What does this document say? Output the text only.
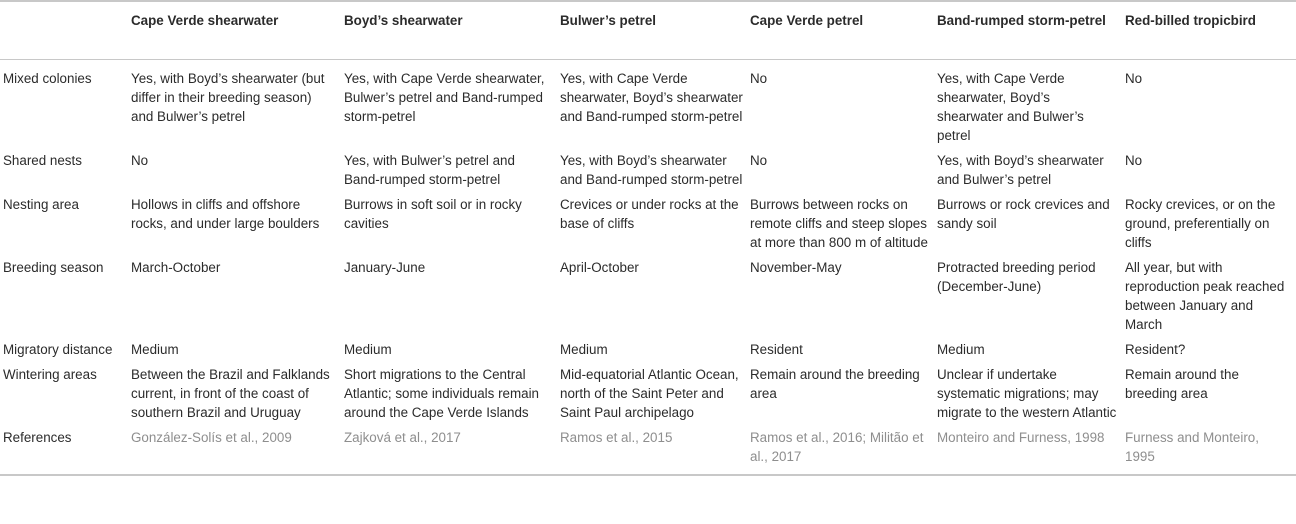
	Cape Verde shearwater	Boyd’s shearwater	Bulwer’s petrel	Cape Verde petrel	Band-rumped storm-petrel	Red-billed tropicbird
Mixed colonies	Yes, with Boyd’s shearwater (but differ in their breeding season) and Bulwer’s petrel	Yes, with Cape Verde shearwater, Bulwer’s petrel and Band-rumped storm-petrel	Yes, with Cape Verde shearwater, Boyd’s shearwater and Band-rumped storm-petrel	No	Yes, with Cape Verde shearwater, Boyd’s shearwater and Bulwer’s petrel	No
Shared nests	No	Yes, with Bulwer’s petrel and Band-rumped storm-petrel	Yes, with Boyd’s shearwater and Band-rumped storm-petrel	No	Yes, with Boyd’s shearwater and Bulwer’s petrel	No
Nesting area	Hollows in cliffs and offshore rocks, and under large boulders	Burrows in soft soil or in rocky cavities	Crevices or under rocks at the base of cliffs	Burrows between rocks on remote cliffs and steep slopes at more than 800 m of altitude	Burrows or rock crevices and sandy soil	Rocky crevices, or on the ground, preferentially on cliffs
Breeding season	March-October	January-June	April-October	November-May	Protracted breeding period (December-June)	All year, but with reproduction peak reached between January and March
Migratory distance	Medium	Medium	Medium	Resident	Medium	Resident?
Wintering areas	Between the Brazil and Falklands current, in front of the coast of southern Brazil and Uruguay	Short migrations to the Central Atlantic; some individuals remain around the Cape Verde Islands	Mid-equatorial Atlantic Ocean, north of the Saint Peter and Saint Paul archipelago	Remain around the breeding area	Unclear if undertake systematic migrations; may migrate to the western Atlantic	Remain around the breeding area
References	González-Solís et al., 2009	Zajková et al., 2017	Ramos et al., 2015	Ramos et al., 2016; Militão et al., 2017	Monteiro and Furness, 1998	Furness and Monteiro, 1995
